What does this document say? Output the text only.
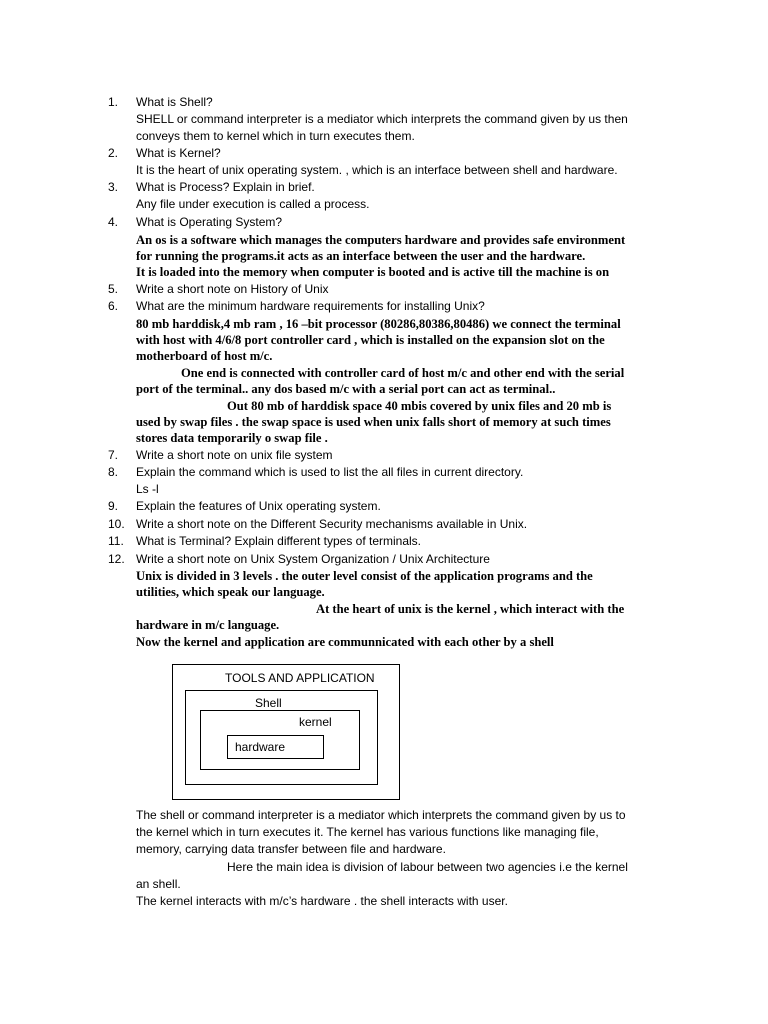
1.	What is Shell?
SHELL or command interpreter is a mediator which interprets the command given by us then
conveys them to kernel which in turn executes them.
2.	What is Kernel?
It is the heart of unix operating system. , which is an interface between shell and hardware.
3.	What is Process? Explain in brief.
Any file under execution is called a process.
4.	What is Operating System?
An os is a software which manages the computers hardware and provides safe environment
for running the programs.it acts as an interface between the user and the hardware.
It is loaded into the memory when computer is booted and is active till the machine is on
5.	Write a short note on History of Unix
6.	What are the minimum hardware requirements for installing Unix?
80 mb harddisk,4 mb ram , 16 –bit processor (80286,80386,80486) we connect the terminal
with host with 4/6/8 port controller card , which is installed on the expansion slot on the
motherboard of host m/c.
One end is connected with controller card of host m/c and other end with the serial
port of the terminal.. any dos based m/c with a serial port can act as terminal..
Out 80 mb of harddisk space 40 mbis covered by unix files and 20 mb is
used by swap files . the swap space is used when unix falls short of memory at such times
stores data temporarily o swap file .
7.	Write a short note on unix file system
8.	Explain the command which is used to list the all files in current directory.
Ls -l
9.	Explain the features of Unix operating system.
10. Write a short note on the Different Security mechanisms available in Unix.
11.	What is Terminal? Explain different types of terminals.
12. Write a short note on Unix System Organization / Unix Architecture
Unix is divided in 3 levels . the outer level consist of the application programs and the
utilities, which speak our language.
At the heart of unix is the kernel , which interact with the
hardware in m/c language.
Now the kernel and application are communnicated with each other by a shell
TOOLS AND APPLICATION
Shell
kernel
hardware
The shell or command interpreter is a mediator which interprets the command given by us to
the kernel which in turn executes it. The kernel has various functions like managing file,
memory, carrying data transfer between file and hardware.
Here the main idea is division of labour between two agencies i.e the kernel
an shell.
The kernel interacts with m/c’s hardware . the shell interacts with user.
